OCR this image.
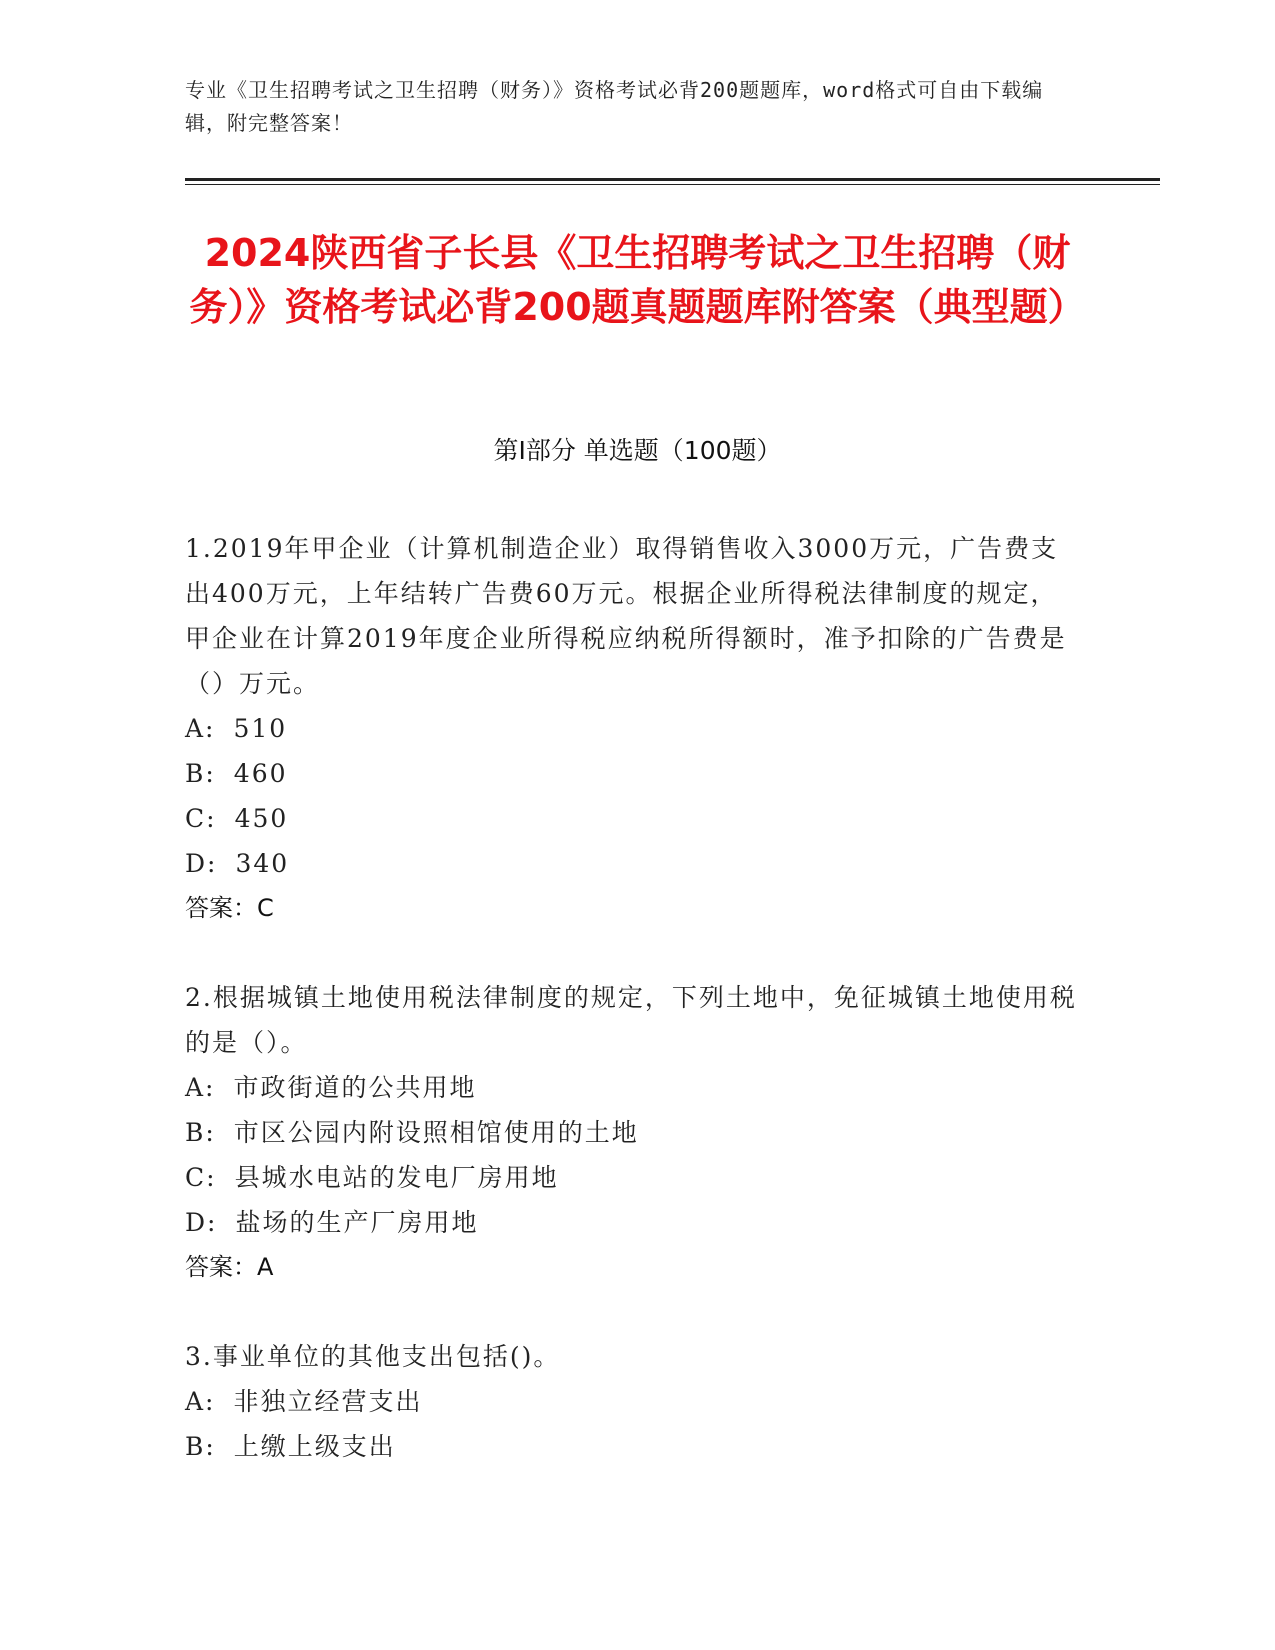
专业《卫生招聘考试之卫生招聘（财务）》资格考试必背200题题库，word格式可自由下载编辑，附完整答案！
2024陕西省子长县《卫生招聘考试之卫生招聘（财务）》资格考试必背200题真题题库附答案（典型题）
第Ⅰ部分 单选题（100题）
1.2019年甲企业（计算机制造企业）取得销售收入3000万元，广告费支出400万元，上年结转广告费60万元。根据企业所得税法律制度的规定，甲企业在计算2019年度企业所得税应纳税所得额时，准予扣除的广告费是（）万元。
A: 510
B: 460
C: 450
D: 340
答案：C
2.根据城镇土地使用税法律制度的规定，下列土地中，免征城镇土地使用税的是（）。
A: 市政街道的公共用地
B: 市区公园内附设照相馆使用的土地
C: 县城水电站的发电厂房用地
D: 盐场的生产厂房用地
答案：A
3.事业单位的其他支出包括()。
A: 非独立经营支出
B: 上缴上级支出
